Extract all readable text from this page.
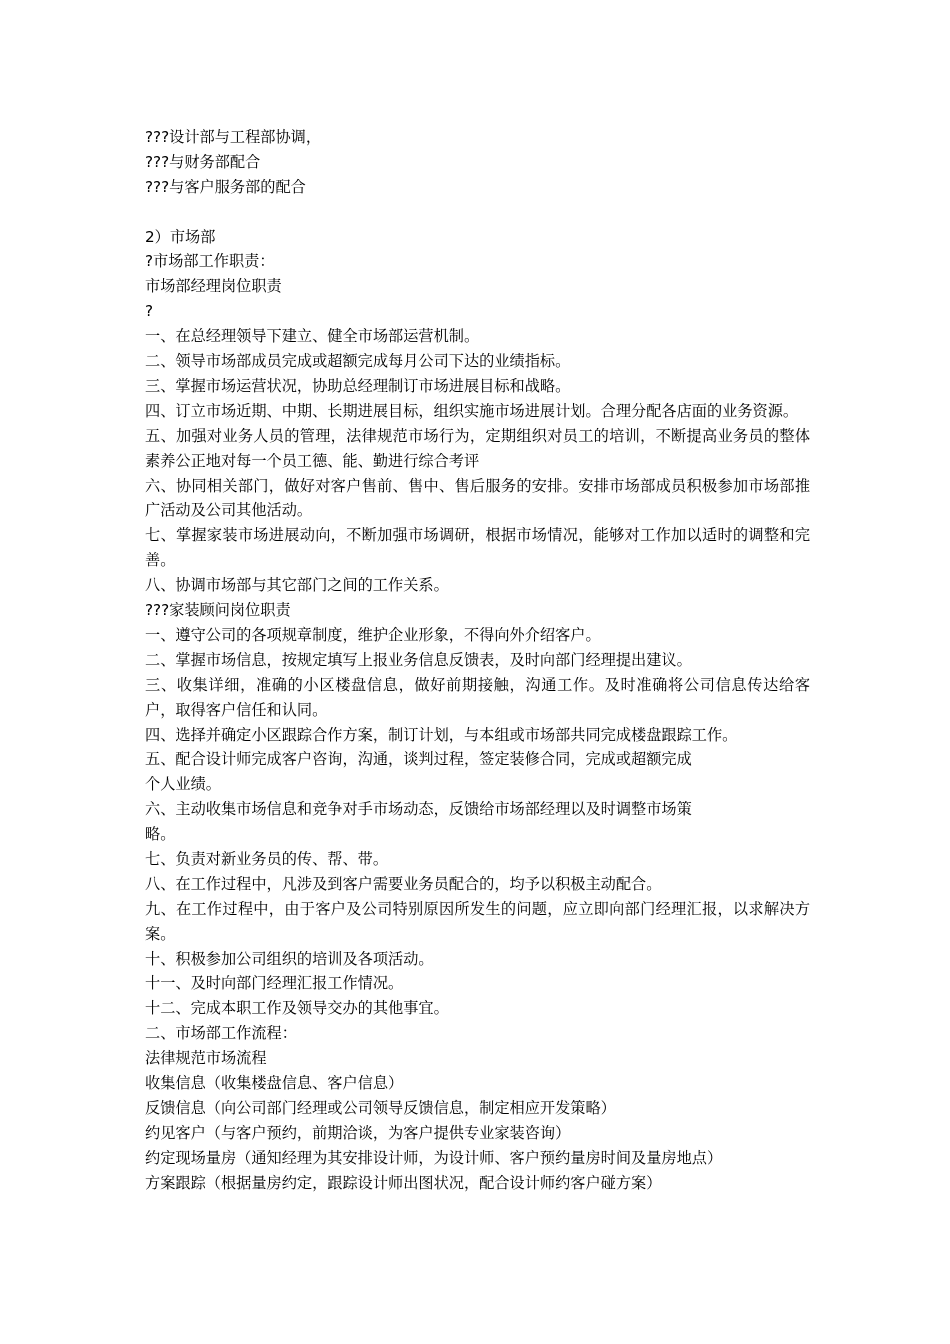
???设计部与工程部协调，
???与财务部配合
???与客户服务部的配合
2）市场部
?市场部工作职责：
市场部经理岗位职责
?
一、在总经理领导下建立、健全市场部运营机制。
二、领导市场部成员完成或超额完成每月公司下达的业绩指标。
三、掌握市场运营状况，协助总经理制订市场进展目标和战略。
四、订立市场近期、中期、长期进展目标，组织实施市场进展计划。合理分配各店面的业务资源。
五、加强对业务人员的管理，法律规范市场行为，定期组织对员工的培训，不断提高业务员的整体素养公正地对每一个员工德、能、勤进行综合考评
六、协同相关部门，做好对客户售前、售中、售后服务的安排。安排市场部成员积极参加市场部推广活动及公司其他活动。
七、掌握家装市场进展动向，不断加强市场调研，根据市场情况，能够对工作加以适时的调整和完善。
八、协调市场部与其它部门之间的工作关系。
???家装顾问岗位职责
一、遵守公司的各项规章制度，维护企业形象，不得向外介绍客户。
二、掌握市场信息，按规定填写上报业务信息反馈表，及时向部门经理提出建议。
三、收集详细，准确的小区楼盘信息，做好前期接触，沟通工作。及时准确将公司信息传达给客户，取得客户信任和认同。
四、选择并确定小区跟踪合作方案，制订计划，与本组或市场部共同完成楼盘跟踪工作。
五、配合设计师完成客户咨询，沟通，谈判过程，签定装修合同，完成或超额完成
个人业绩。
六、主动收集市场信息和竞争对手市场动态，反馈给市场部经理以及时调整市场策
略。
七、负责对新业务员的传、帮、带。
八、在工作过程中，凡涉及到客户需要业务员配合的，均予以积极主动配合。
九、在工作过程中，由于客户及公司特别原因所发生的问题，应立即向部门经理汇报，以求解决方案。
十、积极参加公司组织的培训及各项活动。
十一、及时向部门经理汇报工作情况。
十二、完成本职工作及领导交办的其他事宜。
二、市场部工作流程：
法律规范市场流程
收集信息（收集楼盘信息、客户信息）
反馈信息（向公司部门经理或公司领导反馈信息，制定相应开发策略）
约见客户（与客户预约，前期洽谈，为客户提供专业家装咨询）
约定现场量房（通知经理为其安排设计师，为设计师、客户预约量房时间及量房地点）
方案跟踪（根据量房约定，跟踪设计师出图状况，配合设计师约客户碰方案）
